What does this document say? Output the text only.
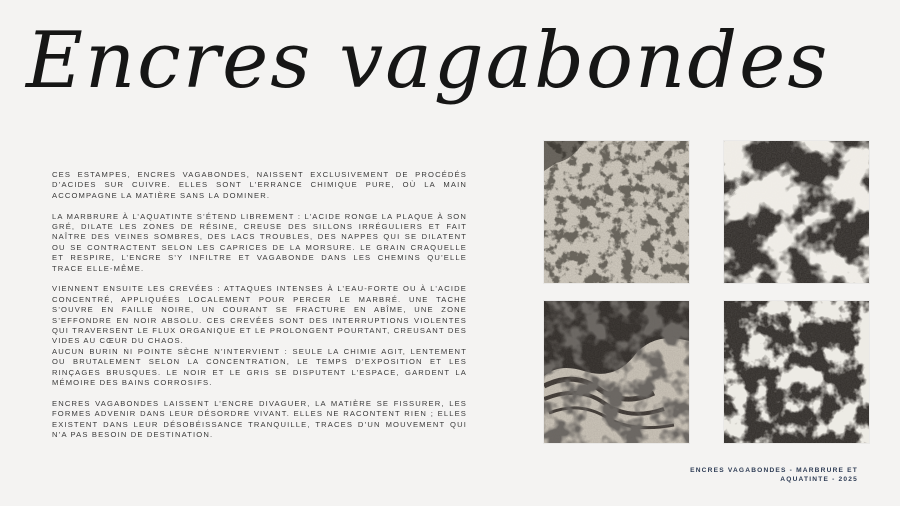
Encres vagabondes

CES ESTAMPES, ENCRES VAGABONDES, NAISSENT EXCLUSIVEMENT DE PROCÉDÉS D’ACIDES SUR CUIVRE. ELLES SONT L’ERRANCE CHIMIQUE PURE, OÙ LA MAIN ACCOMPAGNE LA MATIÈRE SANS LA DOMINER.

LA MARBRURE À L’AQUATINTE S’ÉTEND LIBREMENT : L’ACIDE RONGE LA PLAQUE À SON GRÉ, DILATE LES ZONES DE RÉSINE, CREUSE DES SILLONS IRRÉGULIERS ET FAIT NAÎTRE DES VEINES SOMBRES, DES LACS TROUBLES, DES NAPPES QUI SE DILATENT OU SE CONTRACTENT SELON LES CAPRICES DE LA MORSURE. LE GRAIN CRAQUELLE ET RESPIRE, L’ENCRE S’Y INFILTRE ET VAGABONDE DANS LES CHEMINS QU’ELLE TRACE ELLE-MÊME.

VIENNENT ENSUITE LES CREVÉES : ATTAQUES INTENSES À L’EAU-FORTE OU À L’ACIDE CONCENTRÉ, APPLIQUÉES LOCALEMENT POUR PERCER LE MARBRÉ. UNE TACHE S’OUVRE EN FAILLE NOIRE, UN COURANT SE FRACTURE EN ABÎME, UNE ZONE S’EFFONDRE EN NOIR ABSOLU. CES CREVÉES SONT DES INTERRUPTIONS VIOLENTES QUI TRAVERSENT LE FLUX ORGANIQUE ET LE PROLONGENT POURTANT, CREUSANT DES VIDES AU CŒUR DU CHAOS.

AUCUN BURIN NI POINTE SÈCHE N’INTERVIENT : SEULE LA CHIMIE AGIT, LENTEMENT OU BRUTALEMENT SELON LA CONCENTRATION, LE TEMPS D’EXPOSITION ET LES RINÇAGES BRUSQUES. LE NOIR ET LE GRIS SE DISPUTENT L’ESPACE, GARDENT LA MÉMOIRE DES BAINS CORROSIFS.

ENCRES VAGABONDES LAISSENT L’ENCRE DIVAGUER, LA MATIÈRE SE FISSURER, LES FORMES ADVENIR DANS LEUR DÉSORDRE VIVANT. ELLES NE RACONTENT RIEN ; ELLES EXISTENT DANS LEUR DÉSOBÉISSANCE TRANQUILLE, TRACES D’UN MOUVEMENT QUI N’A PAS BESOIN DE DESTINATION.

ENCRES VAGABONDES - MARBRURE ET
AQUATINTE - 2025
